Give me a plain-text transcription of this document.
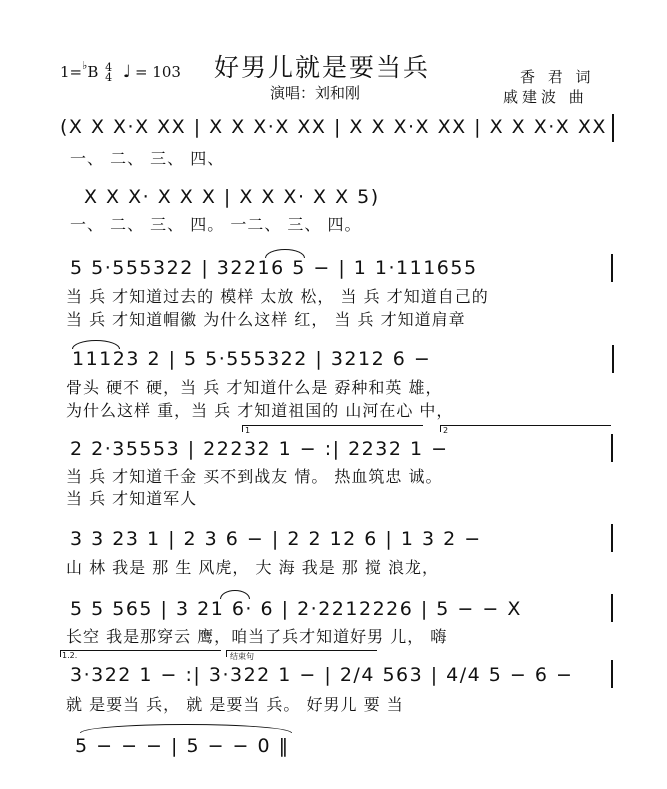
好男儿就是要当兵
1=♭B 4
4 ♩ = 103
演唱：刘和刚
香 君 词
戚建波 曲
(X X X·X XX | X X X·X XX | X X X·X XX | X X X·X XX
一、 二、 三、 四、
X X X· X X X | X X X· X X 5)
一、 二、 三、 四。 一二、 三、 四。
5 5·555322 | 32216 5 − | 1 1·111655
当 兵 才知道过去的 模样 太放 松， 当 兵 才知道自己的
当 兵 才知道帽徽 为什么这样 红， 当 兵 才知道肩章
11123 2 | 5 5·555322 | 3212 6 −
骨头 硬不 硬，当 兵 才知道什么是 孬种和英 雄，
为什么这样 重，当 兵 才知道祖国的 山河在心 中，
1	2
2 2·35553 | 22232 1 − :| 2232 1 −
当 兵 才知道千金 买不到战友 情。 热血筑忠 诚。
当 兵 才知道军人
3 3 23 1 | 2 3 6 − | 2 2 12 6 | 1 3 2 −
山 林 我是 那 生 风虎， 大 海 我是 那 搅 浪龙，
5 5 565 | 3 21 6· 6 | 2·2212226 | 5 − − X
长空 我是那穿云 鹰，咱当了兵才知道好男 儿， 嗨
1.2.	结束句
3·322 1 − :| 3·322 1 − | 2/4 563 | 4/4 5 − 6 −
就 是要当 兵， 就 是要当 兵。 好男儿 要 当
5 − − − | 5 − − 0 ‖
